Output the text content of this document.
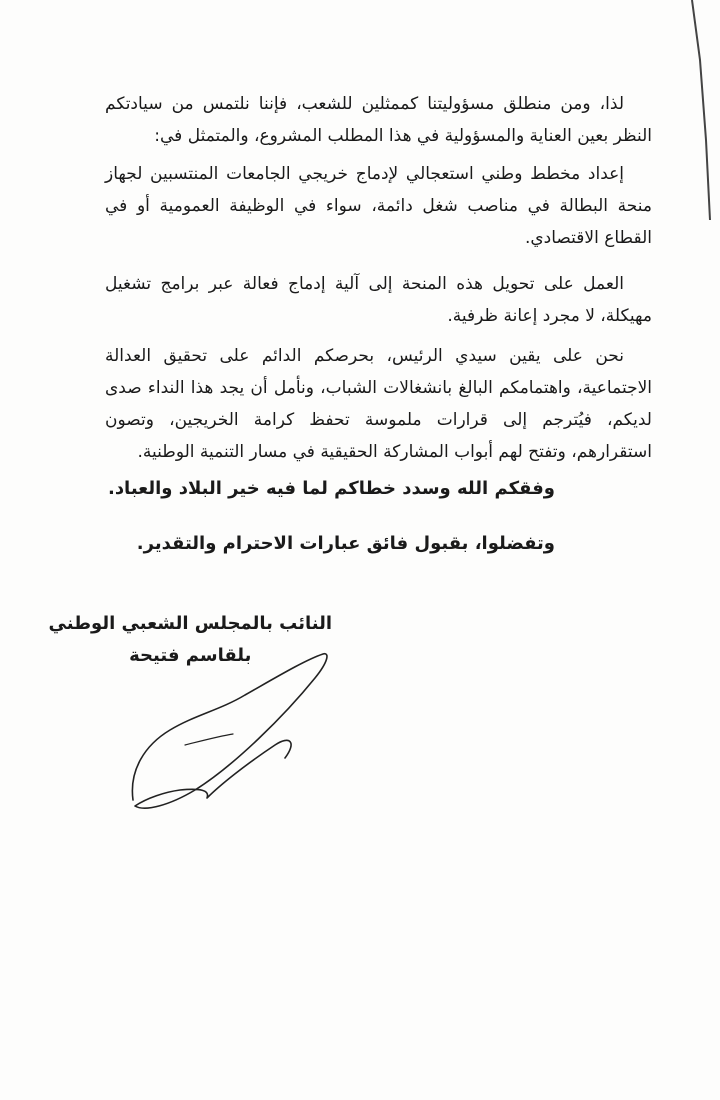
لذا، ومن منطلق مسؤوليتنا كممثلين للشعب، فإننا نلتمس من سيادتكم النظر بعين العناية والمسؤولية في هذا المطلب المشروع، والمتمثل في:

إعداد مخطط وطني استعجالي لإدماج خريجي الجامعات المنتسبين لجهاز منحة البطالة في مناصب شغل دائمة، سواء في الوظيفة العمومية أو في القطاع الاقتصادي.

العمل على تحويل هذه المنحة إلى آلية إدماج فعالة عبر برامج تشغيل مهيكلة، لا مجرد إعانة ظرفية.

نحن على يقين سيدي الرئيس، بحرصكم الدائم على تحقيق العدالة الاجتماعية، واهتمامكم البالغ بانشغالات الشباب، ونأمل أن يجد هذا النداء صدى لديكم، فيُترجم إلى قرارات ملموسة تحفظ كرامة الخريجين، وتصون استقرارهم، وتفتح لهم أبواب المشاركة الحقيقية في مسار التنمية الوطنية.

وفقكم الله وسدد خطاكم لما فيه خير البلاد والعباد.
وتفضلوا، بقبول فائق عبارات الاحترام والتقدير.
النائب بالمجلس الشعبي الوطني
بلقاسم فتيحة
